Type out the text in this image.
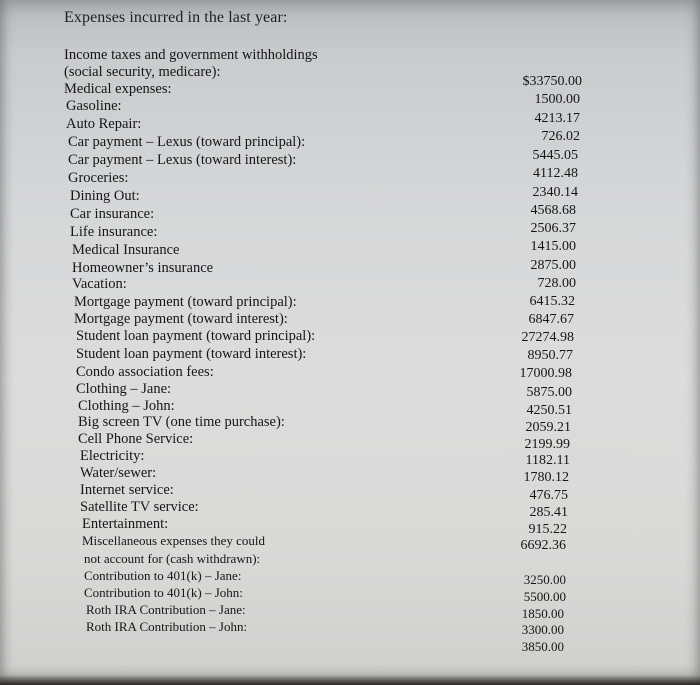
Expenses incurred in the last year:
Income taxes and government withholdings
(social security, medicare):
$33750.00
Medical expenses:
1500.00
Gasoline:
4213.17
Auto Repair:
726.02
Car payment – Lexus (toward principal):
5445.05
Car payment – Lexus (toward interest):
4112.48
Groceries:
2340.14
Dining Out:
4568.68
Car insurance:
2506.37
Life insurance:
1415.00
Medical Insurance
2875.00
Homeowner’s insurance
728.00
Vacation:
6415.32
Mortgage payment (toward principal):
6847.67
Mortgage payment (toward interest):
27274.98
Student loan payment (toward principal):
8950.77
Student loan payment (toward interest):
17000.98
Condo association fees:
5875.00
Clothing – Jane:
4250.51
Clothing – John:
2059.21
Big screen TV (one time purchase):
2199.99
Cell Phone Service:
1182.11
Electricity:
1780.12
Water/sewer:
476.75
Internet service:
285.41
Satellite TV service:
915.22
Entertainment:
6692.36
Miscellaneous expenses they could
not account for (cash withdrawn):
3250.00
Contribution to 401(k) – Jane:
5500.00
Contribution to 401(k) – John:
1850.00
Roth IRA Contribution – Jane:
3300.00
Roth IRA Contribution – John:
3850.00
